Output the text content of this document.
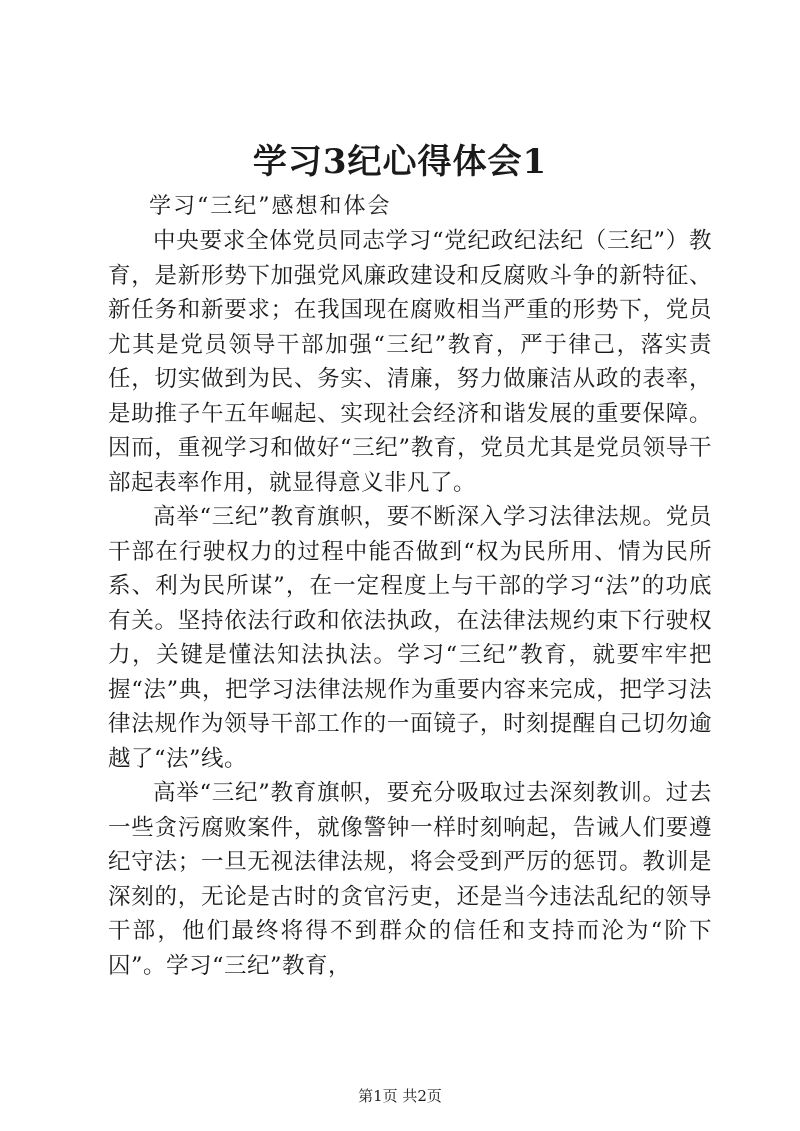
学习3纪心得体会1
学习“三纪”感想和体会

中央要求全体党员同志学习“党纪政纪法纪（三纪”）教育，是新形势下加强党风廉政建设和反腐败斗争的新特征、新任务和新要求；在我国现在腐败相当严重的形势下，党员尤其是党员领导干部加强“三纪”教育，严于律己，落实责任，切实做到为民、务实、清廉，努力做廉洁从政的表率，是助推子午五年崛起、实现社会经济和谐发展的重要保障。因而，重视学习和做好“三纪”教育，党员尤其是党员领导干部起表率作用，就显得意义非凡了。

高举“三纪”教育旗帜，要不断深入学习法律法规。党员干部在行驶权力的过程中能否做到“权为民所用、情为民所系、利为民所谋”，在一定程度上与干部的学习“法”的功底有关。坚持依法行政和依法执政，在法律法规约束下行驶权力，关键是懂法知法执法。学习“三纪”教育，就要牢牢把握“法”典，把学习法律法规作为重要内容来完成，把学习法律法规作为领导干部工作的一面镜子，时刻提醒自己切勿逾越了“法”线。

高举“三纪”教育旗帜，要充分吸取过去深刻教训。过去一些贪污腐败案件，就像警钟一样时刻响起，告诫人们要遵纪守法；一旦无视法律法规，将会受到严厉的惩罚。教训是深刻的，无论是古时的贪官污吏，还是当今违法乱纪的领导干部，他们最终将得不到群众的信任和支持而沦为“阶下囚”。学习“三纪”教育，

第1页 共2页
